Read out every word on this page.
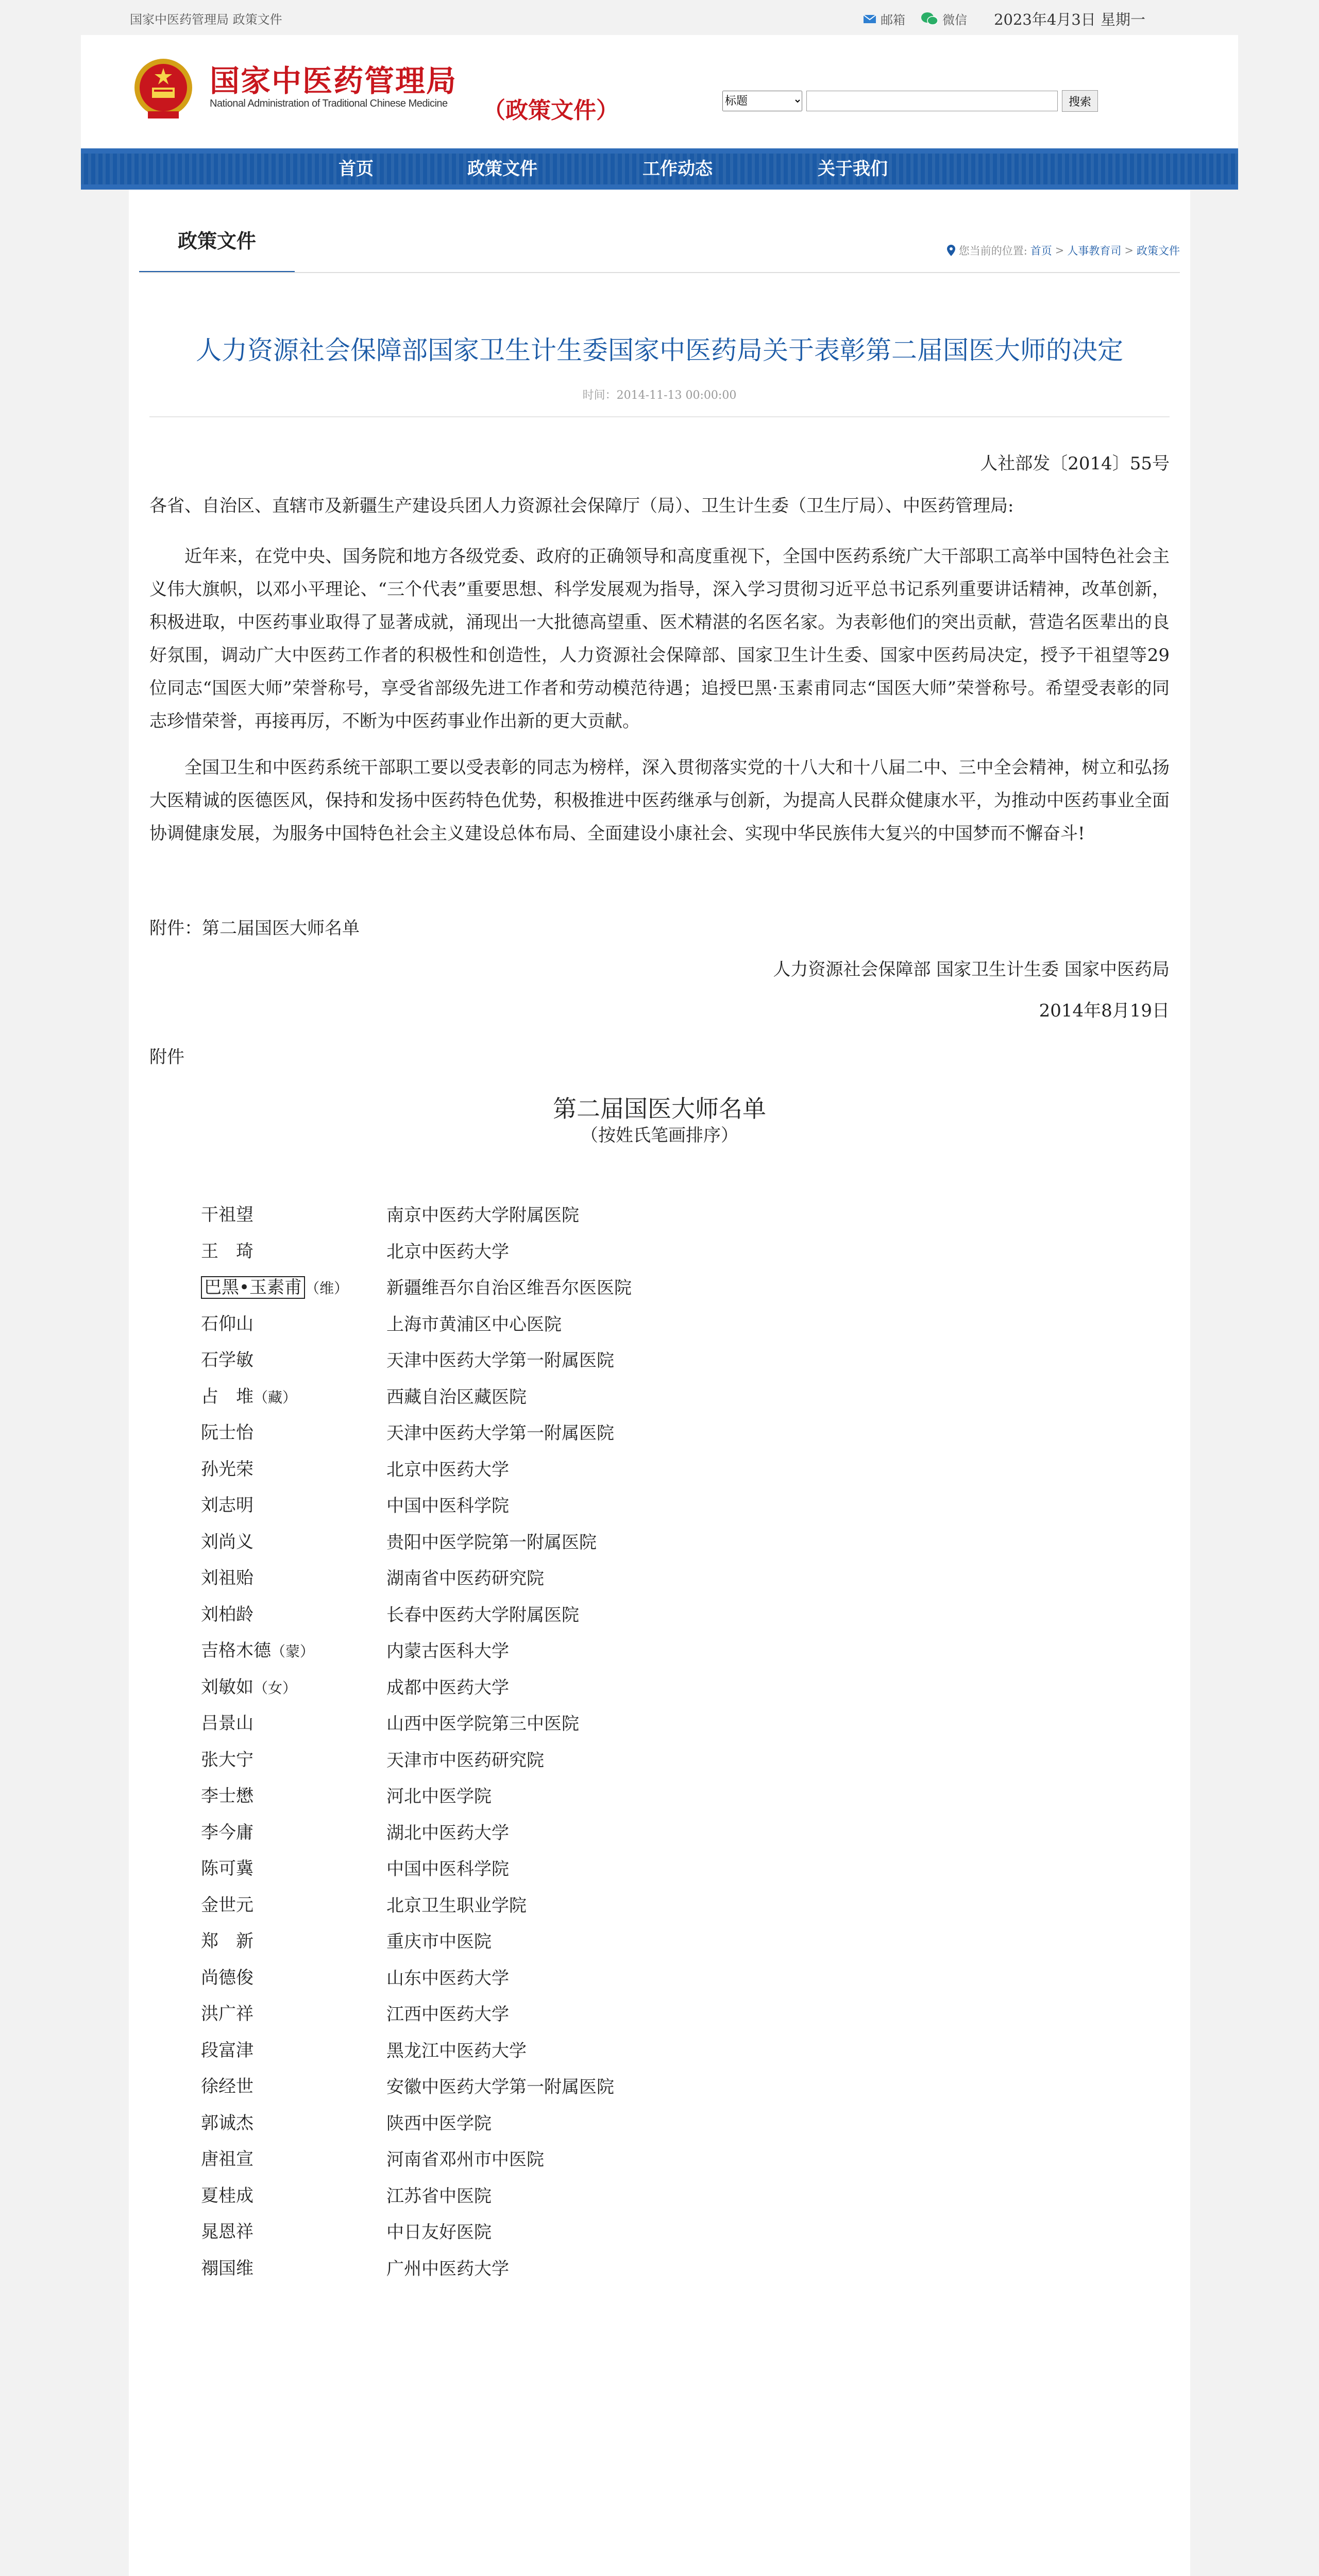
国家中医药管理局 政策文件	邮箱	微信 2023年4月3日 星期一
国家中医药管理局
National Administration of Traditional Chinese Medicine （政策文件）
标题	搜索
首页	政策文件	工作动态	关于我们
政策文件	您当前的位置: 首页 > 人事教育司 > 政策文件
人力资源社会保障部国家卫生计生委国家中医药局关于表彰第二届国医大师的决定
时间：2014-11-13 00:00:00
人社部发〔2014〕55号
各省、自治区、直辖市及新疆生产建设兵团人力资源社会保障厅（局）、卫生计生委（卫生厅局）、中医药管理局:
近年来，在党中央、国务院和地方各级党委、政府的正确领导和高度重视下，全国中医药系统广大干部职工高举中国特色社会主义伟大旗帜，以邓小平理论、“三个代表”重要思想、科学发展观为指导，深入学习贯彻习近平总书记系列重要讲话精神，改革创新，积极进取，中医药事业取得了显著成就，涌现出一大批德高望重、医术精湛的名医名家。为表彰他们的突出贡献，营造名医辈出的良好氛围，调动广大中医药工作者的积极性和创造性，人力资源社会保障部、国家卫生计生委、国家中医药局决定，授予干祖望等29位同志“国医大师”荣誉称号，享受省部级先进工作者和劳动模范待遇；追授巴黑·玉素甫同志“国医大师”荣誉称号。希望受表彰的同志珍惜荣誉，再接再厉，不断为中医药事业作出新的更大贡献。
全国卫生和中医药系统干部职工要以受表彰的同志为榜样，深入贯彻落实党的十八大和十八届二中、三中全会精神，树立和弘扬大医精诚的医德医风，保持和发扬中医药特色优势，积极推进中医药继承与创新，为提高人民群众健康水平，为推动中医药事业全面协调健康发展，为服务中国特色社会主义建设总体布局、全面建设小康社会、实现中华民族伟大复兴的中国梦而不懈奋斗!
附件：第二届国医大师名单
人力资源社会保障部 国家卫生计生委 国家中医药局
2014年8月19日
附件
第二届国医大师名单
（按姓氏笔画排序）
干祖望	南京中医药大学附属医院
王　琦	北京中医药大学
巴黑•玉素甫 （维）	新疆维吾尔自治区维吾尔医医院
石仰山	上海市黄浦区中心医院
石学敏	天津中医药大学第一附属医院
占　堆（藏）	西藏自治区藏医院
阮士怡	天津中医药大学第一附属医院
孙光荣	北京中医药大学
刘志明	中国中医科学院
刘尚义	贵阳中医学院第一附属医院
刘祖贻	湖南省中医药研究院
刘柏龄	长春中医药大学附属医院
吉格木德（蒙）	内蒙古医科大学
刘敏如（女）	成都中医药大学
吕景山	山西中医学院第三中医院
张大宁	天津市中医药研究院
李士懋	河北中医学院
李今庸	湖北中医药大学
陈可冀	中国中医科学院
金世元	北京卫生职业学院
郑　新	重庆市中医院
尚德俊	山东中医药大学
洪广祥	江西中医药大学
段富津	黑龙江中医药大学
徐经世	安徽中医药大学第一附属医院
郭诚杰	陕西中医学院
唐祖宣	河南省邓州市中医院
夏桂成	江苏省中医院
晁恩祥	中日友好医院
禤国维	广州中医药大学
